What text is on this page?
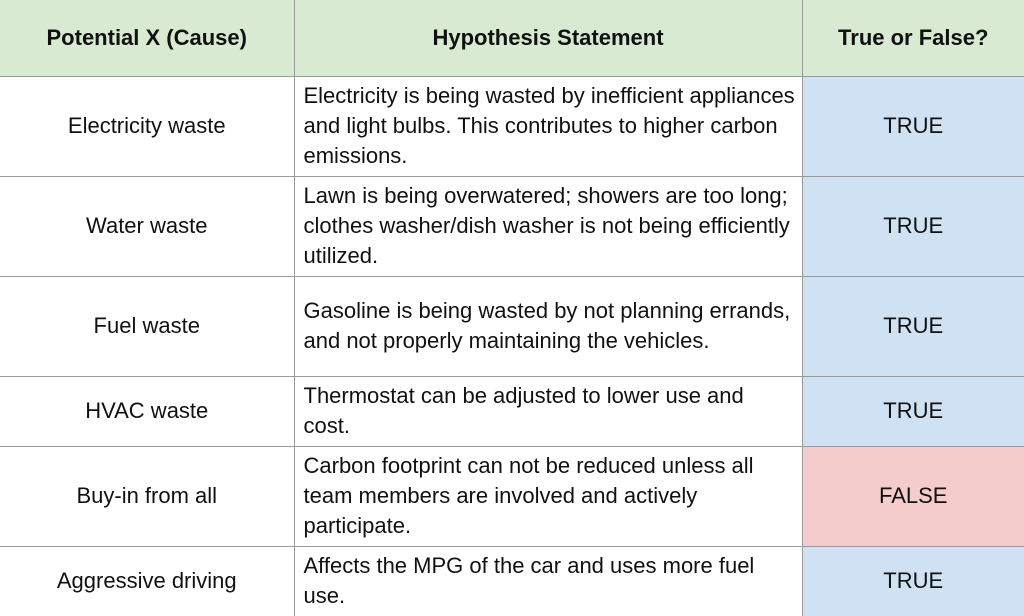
Potential X (Cause)	Hypothesis Statement	True or False?
Electricity waste	Electricity is being wasted by inefficient appliances and light bulbs. This contributes to higher carbon emissions.	TRUE
Water waste	Lawn is being overwatered; showers are too long; clothes washer/dish washer is not being efficiently utilized.	TRUE
Fuel waste	Gasoline is being wasted by not planning errands, and not properly maintaining the vehicles.	TRUE
HVAC waste	Thermostat can be adjusted to lower use and cost.	TRUE
Buy-in from all	Carbon footprint can not be reduced unless all team members are involved and actively participate.	FALSE
Aggressive driving	Affects the MPG of the car and uses more fuel use.	TRUE
